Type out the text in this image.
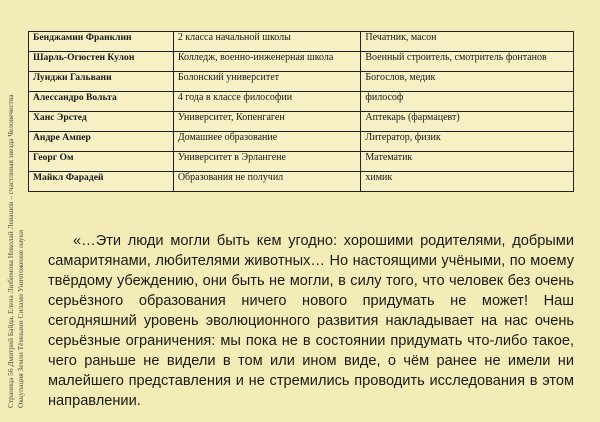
Страница 56 Дмитрий Байда, Елена Любимова Николай Левашов – счастливая звезда Человечества Оккупация Земли Тёмными Силами Уничтожение науки
Бенджамин Франклин	2 класса начальной школы	Печатник, масон
Шарль-Огюстен Кулон	Колледж, военно-инженерная школа	Военный строитель, смотритель фонтанов
Луиджи Гальвани	Болонский университет	Богослов, медик
Алессандро Вольта	4 года в классе философии	философ
Ханс Эрстед	Университет, Копенгаген	Аптекарь (фармацевт)
Андре Ампер	Домашнее образование	Литератор, физик
Георг Ом	Университет в Эрлангене	Математик
Майкл Фарадей	Образования не получил	химик

«…Эти люди могли быть кем угодно: хорошими родителями, добрыми самаритянами, любителями животных… Но настоящими учёными, по моему твёрдому убеждению, они быть не могли, в силу того, что человек без очень серьёзного образования ничего нового придумать не может! Наш сегодняшний уровень эволюционного развития накладывает на нас очень серьёзные ограничения: мы пока не в состоянии придумать что-либо такое, чего раньше не видели в том или ином виде, о чём ранее не имели ни малейшего представления и не стремились проводить исследования в этом направлении.
